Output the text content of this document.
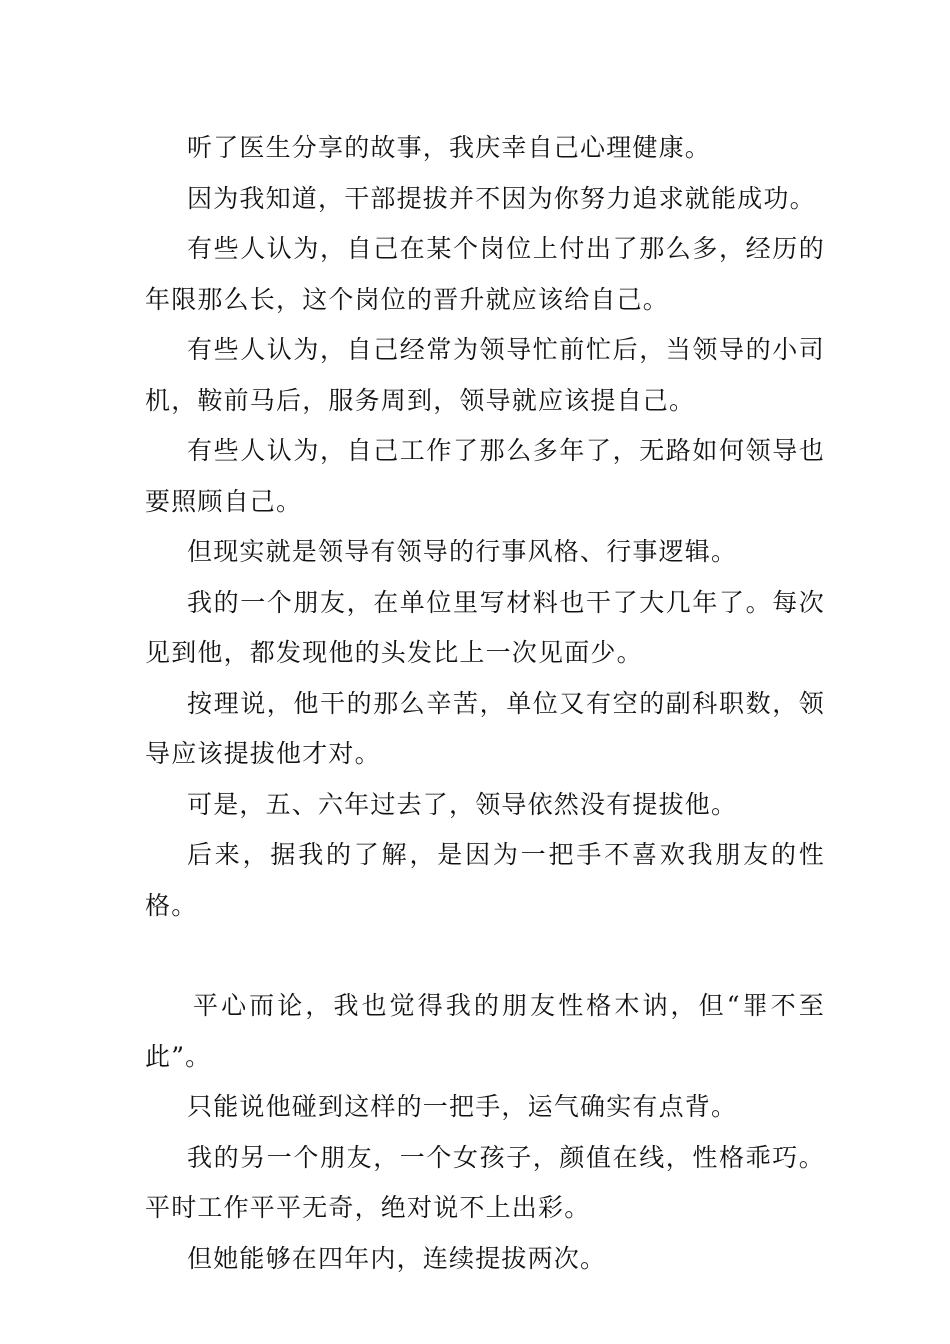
听了医生分享的故事，我庆幸自己心理健康。

因为我知道，干部提拔并不因为你努力追求就能成功。

有些人认为，自己在某个岗位上付出了那么多，经历的年限那么长，这个岗位的晋升就应该给自己。

有些人认为，自己经常为领导忙前忙后，当领导的小司机，鞍前马后，服务周到，领导就应该提自己。

有些人认为，自己工作了那么多年了，无路如何领导也要照顾自己。

但现实就是领导有领导的行事风格、行事逻辑。

我的一个朋友，在单位里写材料也干了大几年了。每次见到他，都发现他的头发比上一次见面少。

按理说，他干的那么辛苦，单位又有空的副科职数，领导应该提拔他才对。

可是，五、六年过去了，领导依然没有提拔他。

后来，据我的了解，是因为一把手不喜欢我朋友的性格。

平心而论，我也觉得我的朋友性格木讷，但“罪不至此”。

只能说他碰到这样的一把手，运气确实有点背。

我的另一个朋友，一个女孩子，颜值在线，性格乖巧。平时工作平平无奇，绝对说不上出彩。

但她能够在四年内，连续提拔两次。
